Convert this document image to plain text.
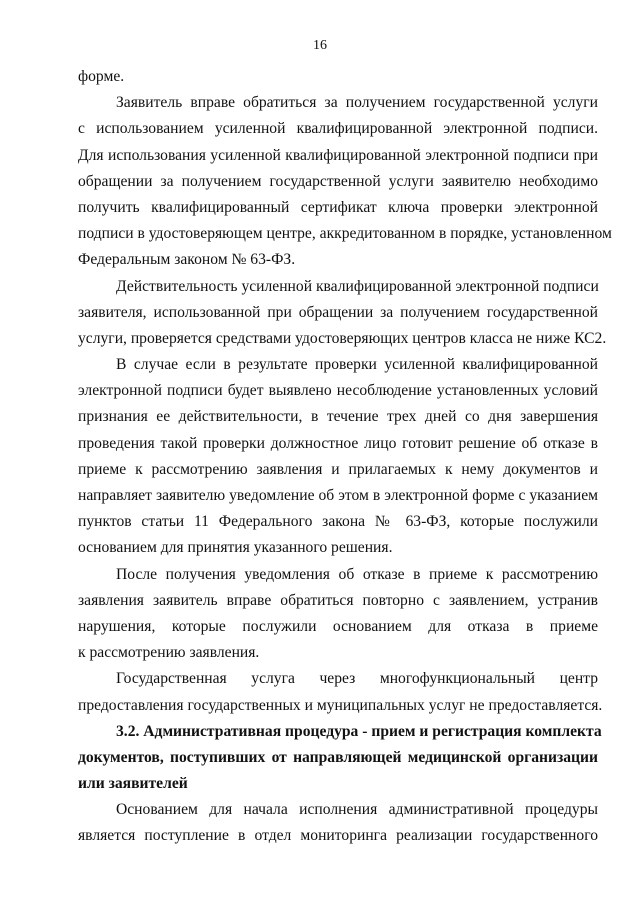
16
форме.
Заявитель вправе обратиться за получением государственной услуги
с использованием усиленной квалифицированной электронной подписи.
Для использования усиленной квалифицированной электронной подписи при
обращении за получением государственной услуги заявителю необходимо
получить квалифицированный сертификат ключа проверки электронной
подписи в удостоверяющем центре, аккредитованном в порядке, установленном
Федеральным законом № 63-ФЗ.
Действительность усиленной квалифицированной электронной подписи
заявителя, использованной при обращении за получением государственной
услуги, проверяется средствами удостоверяющих центров класса не ниже КС2.
В случае если в результате проверки усиленной квалифицированной
электронной подписи будет выявлено несоблюдение установленных условий
признания ее действительности, в течение трех дней со дня завершения
проведения такой проверки должностное лицо готовит решение об отказе в
приеме к рассмотрению заявления и прилагаемых к нему документов и
направляет заявителю уведомление об этом в электронной форме с указанием
пунктов статьи 11 Федерального закона № 63-ФЗ, которые послужили
основанием для принятия указанного решения.
После получения уведомления об отказе в приеме к рассмотрению
заявления заявитель вправе обратиться повторно с заявлением, устранив
нарушения, которые послужили основанием для отказа в приеме
к рассмотрению заявления.
Государственная услуга через многофункциональный центр
предоставления государственных и муниципальных услуг не предоставляется.
3.2. Административная процедура - прием и регистрация комплекта
документов, поступивших от направляющей медицинской организации
или заявителей
Основанием для начала исполнения административной процедуры
является поступление в отдел мониторинга реализации государственного
